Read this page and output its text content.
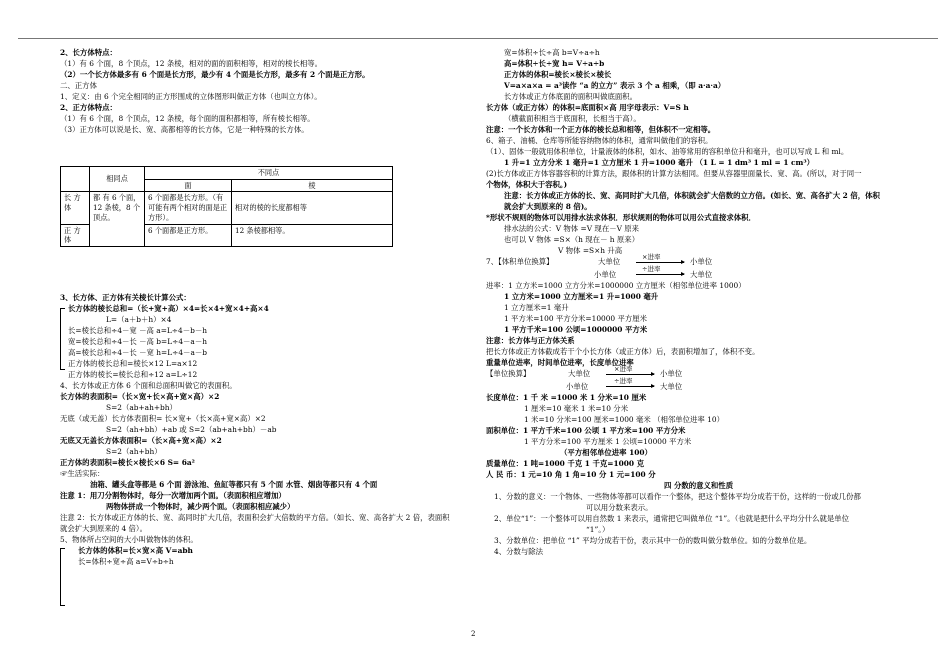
2、长方体特点：
（1）有 6 个面，8 个顶点，12 条棱，相对的面的面积相等，相对的棱长相等。
（2）一个长方体最多有 6 个面是长方形，最少有 4 个面是长方形，最多有 2 个面是正方形。
二、正方体
1、定义：由 6 个完全相同的正方形围成的立体图形叫做正方体（也叫立方体）。
2、正方体特点：
（1）有 6 个面，8 个顶点，12 条棱，每个面的面积都相等，所有棱长相等。
（3）正方体可以说是长、宽、高都相等的长方体，它是一种特殊的长方体。
	相同点	不同点	
		面	棱
长 方 体	都 有 6 个面，12 条棱，8 个顶点。	6 个面都是长方形。（有可能有两个相对的面是正方形）。	相对的棱的长度都相等
正 方 体		6 个面都是正方形。	12 条棱都相等。
3、长方体、正方体有关棱长计算公式：
长方体的棱长总和=（长+宽+高）×4=长×4+宽×4+高×4
L=（a＋b＋h）×4
长=棱长总和÷4－宽 －高 a=L÷4－b－h
宽=棱长总和÷4－长 －高 b=L÷4－a－h
高=棱长总和÷4－长 －宽 h=L÷4－a－b
正方体的棱长总和=棱长×12 L=a×12
正方体的棱长=棱长总和÷12 a=L÷12
4、长方体或正方体 6 个面和总面积叫做它的表面积。
长方体的表面积=（长×宽+长×高+宽×高）×2
S=2（ab+ah+bh）
无底（或无盖）长方体表面积= 长×宽+（长×高+宽×高）×2
S=2（ah+bh）+ab 或 S=2（ab+ah+bh）－ab
无底又无盖长方体表面积=（长×高+宽×高）×2
S=2（ah+bh）
正方体的表面积=棱长×棱长×6 S= 6a²
☞生活实际：
油箱、罐头盒等都是 6 个面 游泳池、鱼缸等都只有 5 个面 水管、烟囱等都只有 4 个面
注意 1：用刀分割物体时，每分一次增加两个面。（表面积相应增加）
两物体拼成一个物体时，减少两个面。（表面积相应减少）
注意 2：长方体或正方体的长、宽、高同时扩大几倍，表面积会扩大倍数的平方倍。（如长、宽、高各扩大 2 倍，表面积
就会扩大到原来的 4 倍）。
5、物体所占空间的大小叫做物体的体积。
长方体的体积=长×宽×高 V=abh
长=体积÷宽÷高 a=V÷b÷h
宽=体积÷长÷高 b=V÷a÷h
高=体积÷长÷宽 h= V÷a÷b
正方体的体积=棱长×棱长×棱长
V=a×a×a = a³读作 “a 的立方” 表示 3 个 a 相乘，（即 a·a·a）
长方体或正方体底面的面积叫做底面积。
长方体（或正方体）的体积=底面积×高 用字母表示：V=S h
（横截面积相当于底面积，长相当于高）。
注意：一个长方体和一个正方体的棱长总和相等，但体积不一定相等。
6、箱子、油桶、仓库等所能容纳物体的体积，通常叫做他们的容积。
（1）、固体一般就用体积单位，计量液体的体积，如水、油等常用的容积单位升和毫升，也可以写成 L 和 ml。
1 升=1 立方分米 1 毫升=1 立方厘米 1 升=1000 毫升 （1 L = 1 dm³ 1 ml = 1 cm³）
(2)长方体或正方体容器容积的计算方法，跟体积的计算方法相同。但要从容器里面量长、宽、高。(所以，对于同一
个物体，体积大于容积。)
注意：长方体或正方体的长、宽、高同时扩大几倍，体积就会扩大倍数的立方倍。(如长、宽、高各扩大 2 倍，体积
就会扩大到原来的 8 倍)。
*形状不规则的物体可以用排水法求体积．形状规则的物体可以用公式直接求体积．
排水法的公式：V 物体 =V 现在－V 原来
也可以 V 物体 =S×（h 现在－ h 原来）
V 物体 =S×h 升高
7、【体积单位换算】	大单位	×进率	小单位
小单位
÷进率
大单位
进率：1 立方米=1000 立方分米=1000000 立方厘米（相邻单位进率 1000）
1 立方米=1000 立方厘米=1 升=1000 毫升
1 立方厘米=1 毫升
1 平方米=100 平方分米=10000 平方厘米
1 平方千米=100 公顷=1000000 平方米
注意：长方体与正方体关系
把长方体或正方体截成若干个小长方体（或正方体）后，表面积增加了，体积不变。
重量单位进率，时间单位进率，长度单位进率
【单位换算】	大单位	×进率	小单位
小单位
÷进率
大单位
长度单位：1 千 米 =1000 米 1 分米=10 厘米
1 厘米=10 毫米 1 米=10 分米
1 米=10 分米=100 厘米=1000 毫米 （相邻单位进率 10）
面积单位：1 平方千米=100 公顷 1 平方米=100 平方分米
1 平方分米=100 平方厘米 1 公顷=10000 平方米
（平方相邻单位进率 100）
质量单位：1 吨=1000 千克 1 千克=1000 克
人 民 币：1 元=10 角 1 角=10 分 1 元=100 分
四 分数的意义和性质
1、分数的意义：一个物体、一些物体等都可以看作一个整体，把这个整体平均分成若干份，这样的一份或几份都
可以用分数来表示。
2、单位“1”：一个整体可以用自然数 1 来表示，通常把它叫做单位 “1”。（也就是把什么平均分什么就是单位
“1”。）
3、分数单位：把单位 “1” 平均分成若干份，表示其中一份的数叫做分数单位。如的分数单位是。
4、分数与除法
2
